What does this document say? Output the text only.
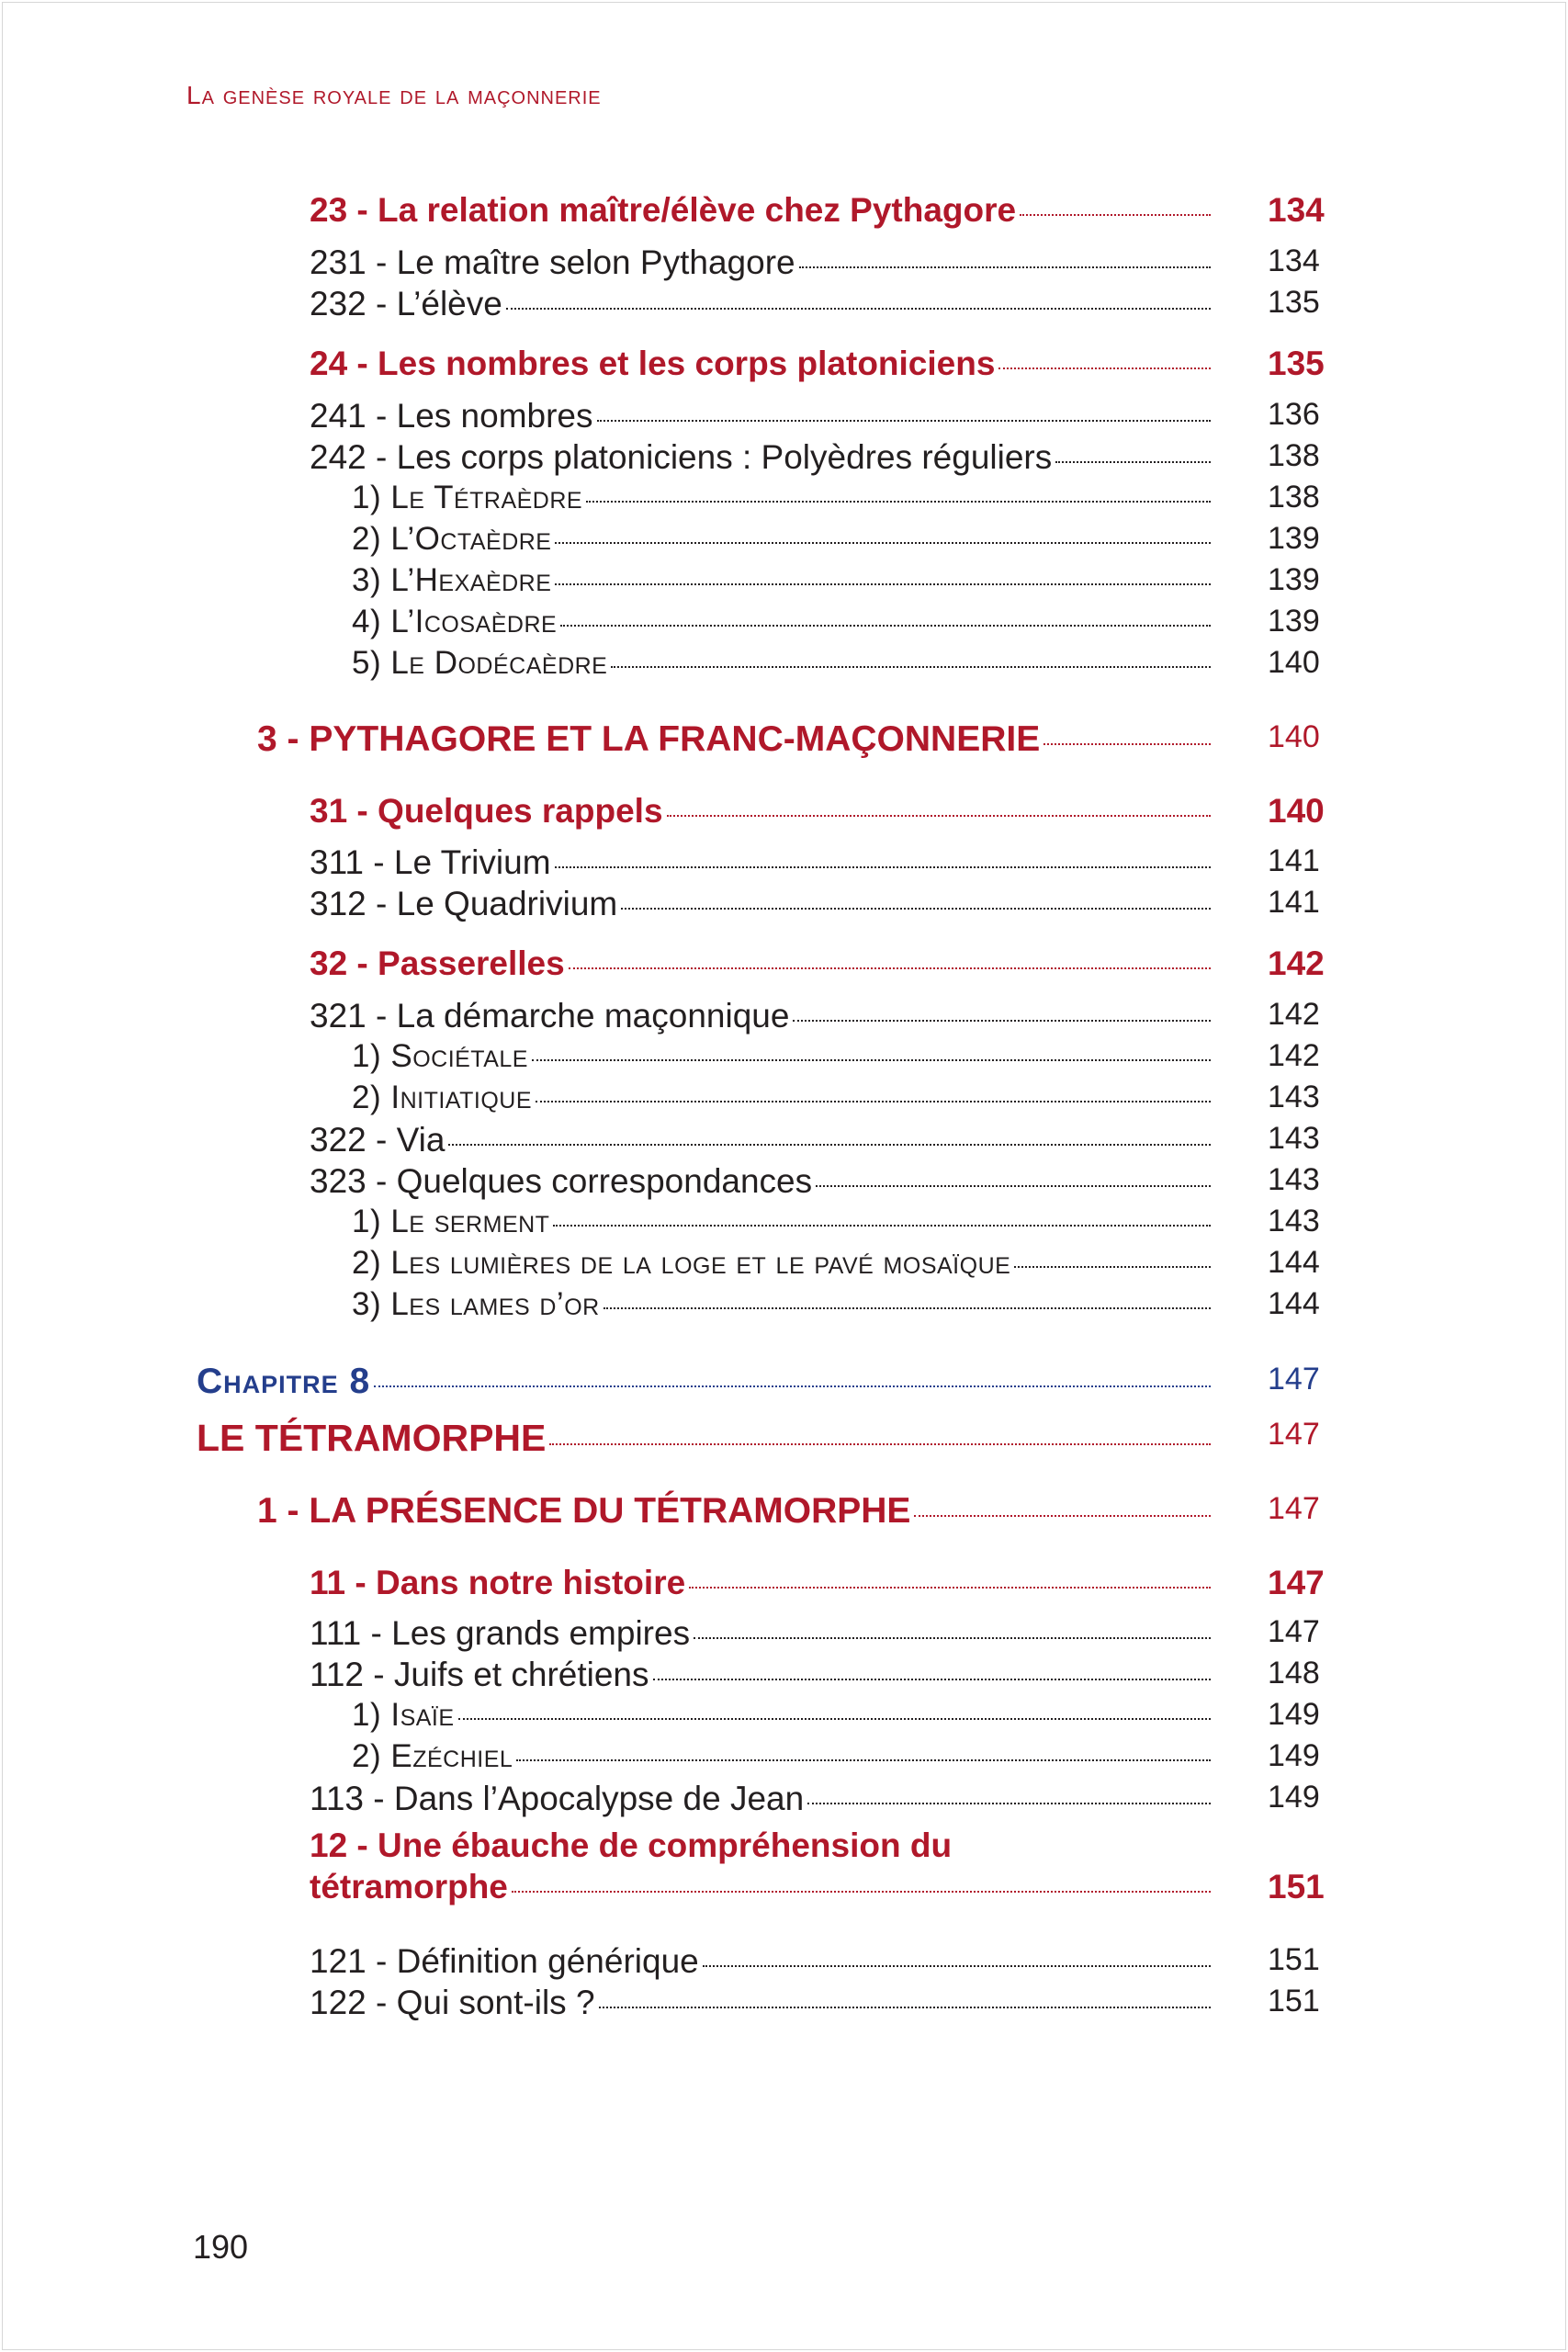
La genèse royale de la maçonnerie
23 - La relation maître/élève chez Pythagore	134
231 - Le maître selon Pythagore	134
232 - L’élève	135
24 - Les nombres et les corps platoniciens	135
241 - Les nombres	136
242 - Les corps platoniciens : Polyèdres réguliers	138
1) Le Tétraèdre	138
2) L’Octaèdre	139
3) L’Hexaèdre	139
4) L’Icosaèdre	139
5) Le Dodécaèdre	140
3 - PYTHAGORE ET LA FRANC-MAÇONNERIE	140
31 - Quelques rappels	140
311 - Le Trivium	141
312 - Le Quadrivium	141
32 - Passerelles	142
321 - La démarche maçonnique	142
1) Sociétale	142
2) Initiatique	143
322 - Via	143
323 - Quelques correspondances	143
1) Le serment	143
2) Les lumières de la loge et le pavé mosaïque	144
3) Les lames d’or	144
Chapitre 8	147
LE TÉTRAMORPHE	147
1 - LA PRÉSENCE DU TÉTRAMORPHE	147
11 - Dans notre histoire	147
111 - Les grands empires	147
112 - Juifs et chrétiens	148
1) Isaïe	149
2) Ezéchiel	149
113 - Dans l’Apocalypse de Jean	149
12 - Une ébauche de compréhension du
tétramorphe	151
121 - Définition générique	151
122 - Qui sont-ils ?	151
190
